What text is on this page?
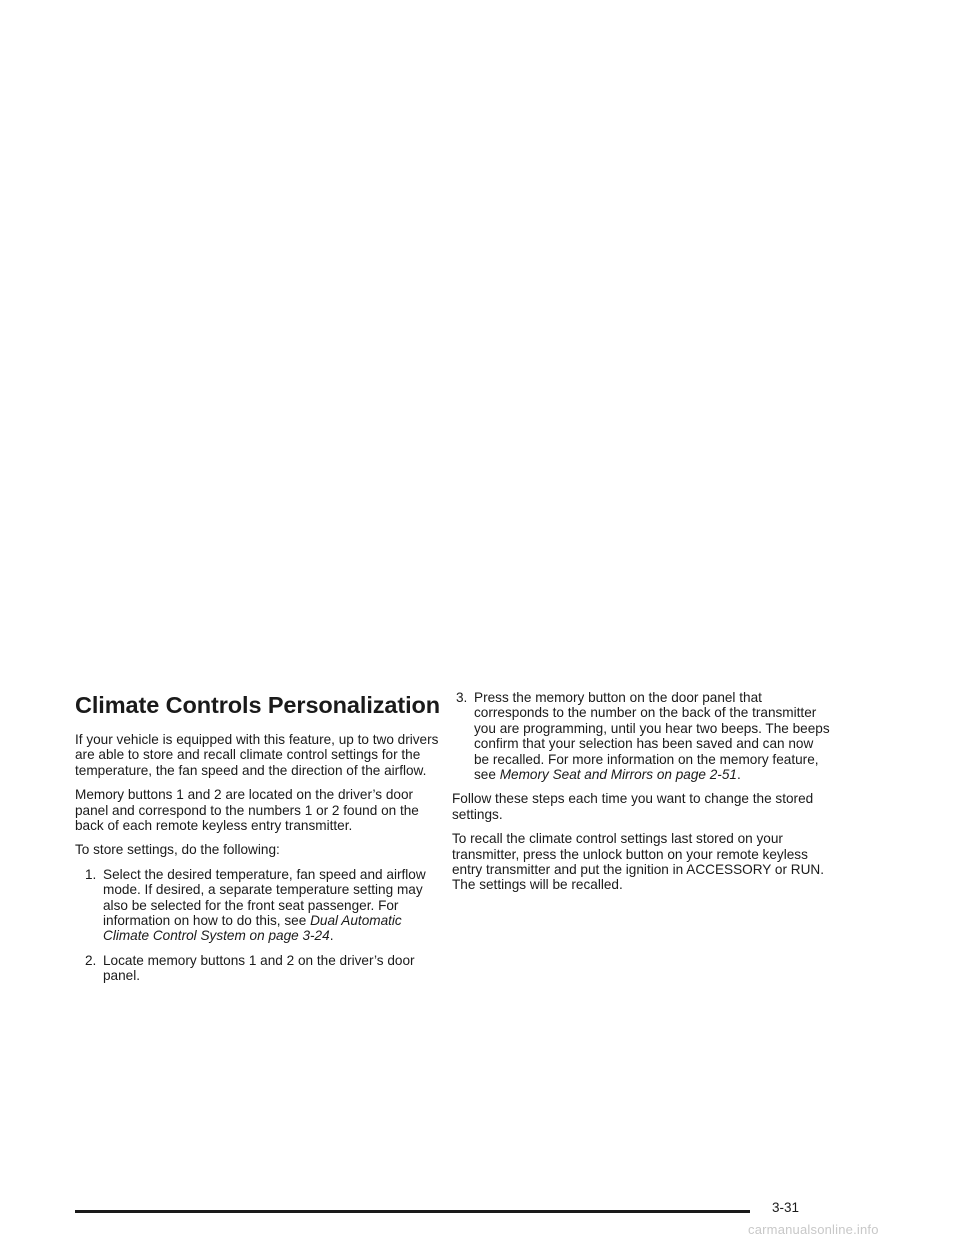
Climate Controls Personalization

If your vehicle is equipped with this feature, up to two drivers are able to store and recall climate control settings for the temperature, the fan speed and the direction of the airflow.

Memory buttons 1 and 2 are located on the driver’s door panel and correspond to the numbers 1 or 2 found on the back of each remote keyless entry transmitter.

To store settings, do the following:

1. Select the desired temperature, fan speed and airflow mode. If desired, a separate temperature setting may also be selected for the front seat passenger. For information on how to do this, see Dual Automatic Climate Control System on page 3-24.
2. Locate memory buttons 1 and 2 on the driver’s door panel.
3. Press the memory button on the door panel that corresponds to the number on the back of the transmitter you are programming, until you hear two beeps. The beeps confirm that your selection has been saved and can now be recalled. For more information on the memory feature, see Memory Seat and Mirrors on page 2-51.

Follow these steps each time you want to change the stored settings.

To recall the climate control settings last stored on your transmitter, press the unlock button on your remote keyless entry transmitter and put the ignition in ACCESSORY or RUN. The settings will be recalled.

3-31
carmanualsonline.info
